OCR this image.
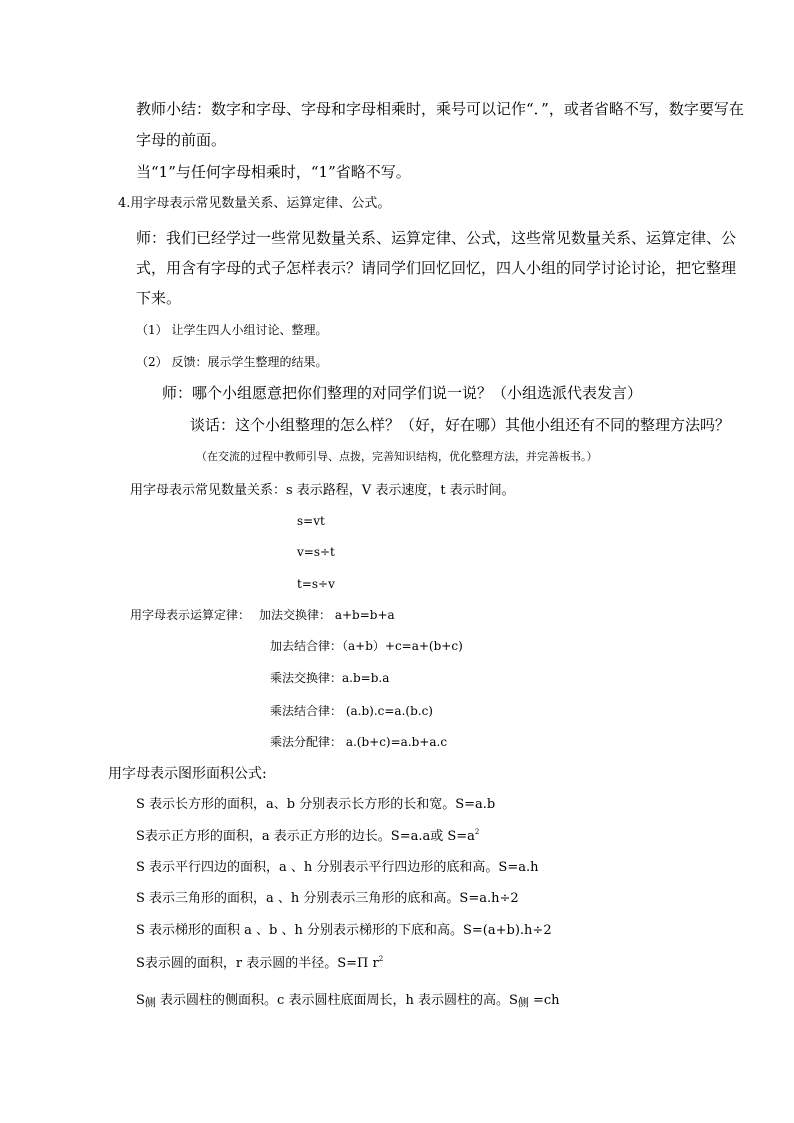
教师小结：数字和字母、字母和字母相乘时，乘号可以记作“．”，或者省略不写，数字要写在
字母的前面。
当“1”与任何字母相乘时，“1”省略不写。
4.用字母表示常见数量关系、运算定律、公式。
师：我们已经学过一些常见数量关系、运算定律、公式，这些常见数量关系、运算定律、公
式，用含有字母的式子怎样表示？请同学们回忆回忆，四人小组的同学讨论讨论，把它整理
下来。
（1） 让学生四人小组讨论、整理。
（2） 反馈：展示学生整理的结果。
师：哪个小组愿意把你们整理的对同学们说一说？（小组选派代表发言）
谈话：这个小组整理的怎么样？（好，好在哪）其他小组还有不同的整理方法吗？
（在交流的过程中教师引导、点拨，完善知识结构，优化整理方法，并完善板书。）
用字母表示常见数量关系：s 表示路程，V 表示速度，t 表示时间。
s=vt
v=s÷t
t=s÷v
用字母表示运算定律： 加法交换律： a+b=b+a
加去结合律：（a+b）+c=a+(b+c)
乘法交换律：a.b=b.a
乘法结合律： (a.b).c=a.(b.c)
乘法分配律： a.(b+c)=a.b+a.c
用字母表示图形面积公式:
S 表示长方形的面积，a、b 分别表示长方形的长和宽。S=a.b
S表示正方形的面积，a 表示正方形的边长。S=a.a或 $S=a^2$
S 表示平行四边的面积，a 、h 分别表示平行四边形的底和高。S=a.h
S 表示三角形的面积，a 、h 分别表示三角形的底和高。S=a.h÷2
S 表示梯形的面积 a 、b 、h 分别表示梯形的下底和高。S=(a+b).h÷2
S表示圆的面积，r 表示圆的半径。S=Π $r^2$
$S_侧$ 表示圆柱的侧面积。c 表示圆柱底面周长，h 表示圆柱的高。$S_侧 =ch$
